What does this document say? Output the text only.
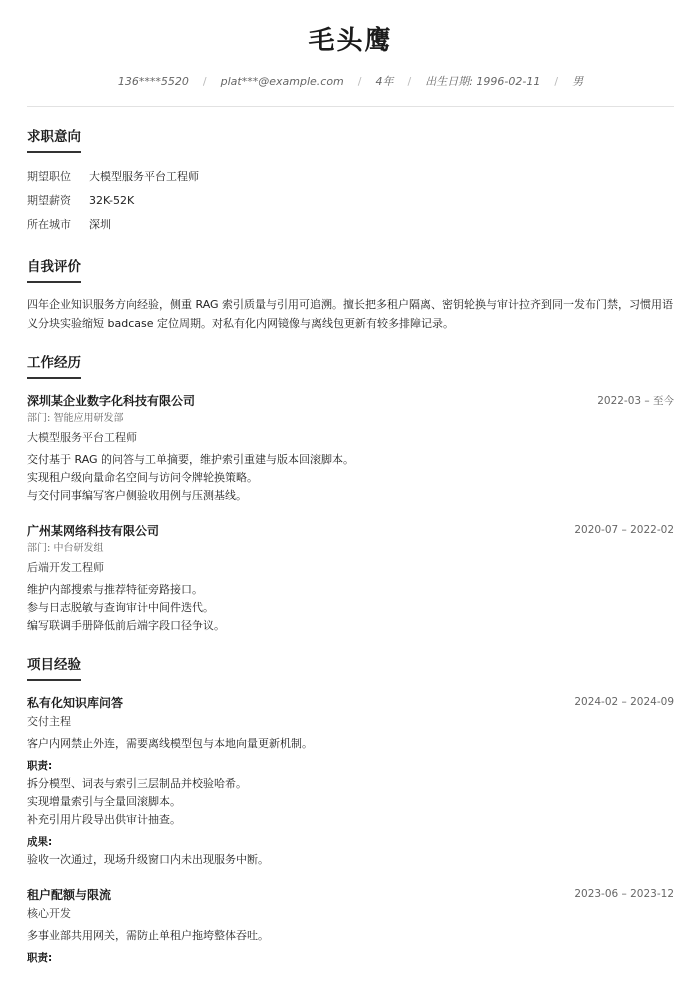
毛头鹰
136****5520 / plat***@example.com / 4年 / 出生日期: 1996-02-11 / 男
求职意向
期望职位	大模型服务平台工程师
期望薪资	32K-52K
所在城市	深圳
自我评价
四年企业知识服务方向经验，侧重 RAG 索引质量与引用可追溯。擅长把多租户隔离、密钥轮换与审计拉齐到同一发布门禁，习惯用语义分块实验缩短 badcase 定位周期。对私有化内网镜像与离线包更新有较多排障记录。
工作经历
深圳某企业数字化科技有限公司	2022-03 – 至今
部门: 智能应用研发部
大模型服务平台工程师
交付基于 RAG 的问答与工单摘要，维护索引重建与版本回滚脚本。
实现租户级向量命名空间与访问令牌轮换策略。
与交付同事编写客户侧验收用例与压测基线。
广州某网络科技有限公司	2020-07 – 2022-02
部门: 中台研发组
后端开发工程师
维护内部搜索与推荐特征旁路接口。
参与日志脱敏与查询审计中间件迭代。
编写联调手册降低前后端字段口径争议。
项目经验
私有化知识库问答	2024-02 – 2024-09
交付主程
客户内网禁止外连，需要离线模型包与本地向量更新机制。
职责:
拆分模型、词表与索引三层制品并校验哈希。
实现增量索引与全量回滚脚本。
补充引用片段导出供审计抽查。
成果:
验收一次通过，现场升级窗口内未出现服务中断。
租户配额与限流	2023-06 – 2023-12
核心开发
多事业部共用网关，需防止单租户拖垮整体吞吐。
职责:
